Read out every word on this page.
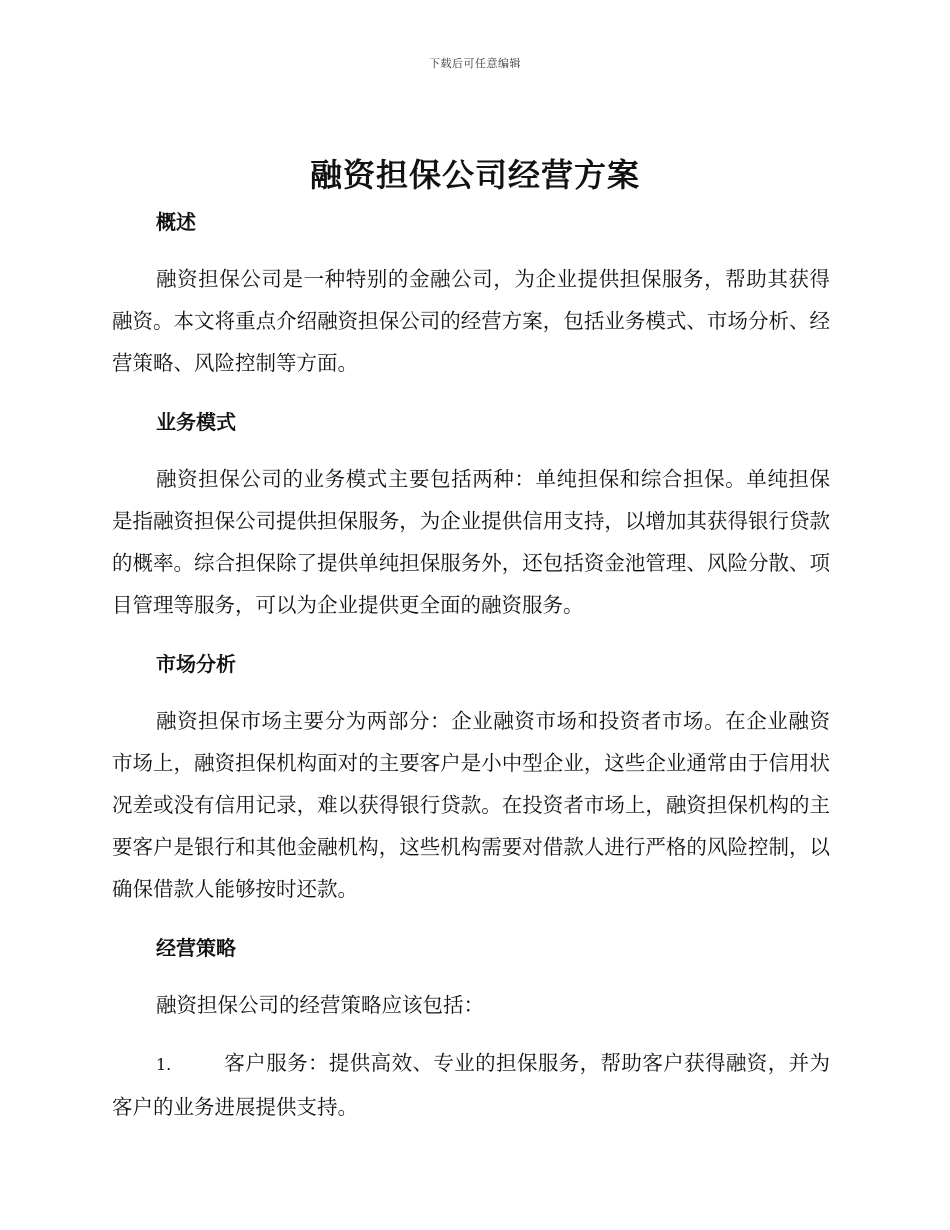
下载后可任意编辑
融资担保公司经营方案
概述

融资担保公司是一种特别的金融公司，为企业提供担保服务，帮助其获得融资。本文将重点介绍融资担保公司的经营方案，包括业务模式、市场分析、经营策略、风险控制等方面。

业务模式

融资担保公司的业务模式主要包括两种：单纯担保和综合担保。单纯担保是指融资担保公司提供担保服务，为企业提供信用支持，以增加其获得银行贷款的概率。综合担保除了提供单纯担保服务外，还包括资金池管理、风险分散、项目管理等服务，可以为企业提供更全面的融资服务。

市场分析

融资担保市场主要分为两部分：企业融资市场和投资者市场。在企业融资市场上，融资担保机构面对的主要客户是小中型企业，这些企业通常由于信用状况差或没有信用记录，难以获得银行贷款。在投资者市场上，融资担保机构的主要客户是银行和其他金融机构，这些机构需要对借款人进行严格的风险控制，以确保借款人能够按时还款。

经营策略

融资担保公司的经营策略应该包括：

1.	客户服务：提供高效、专业的担保服务，帮助客户获得融资，并为客户的业务进展提供支持。
